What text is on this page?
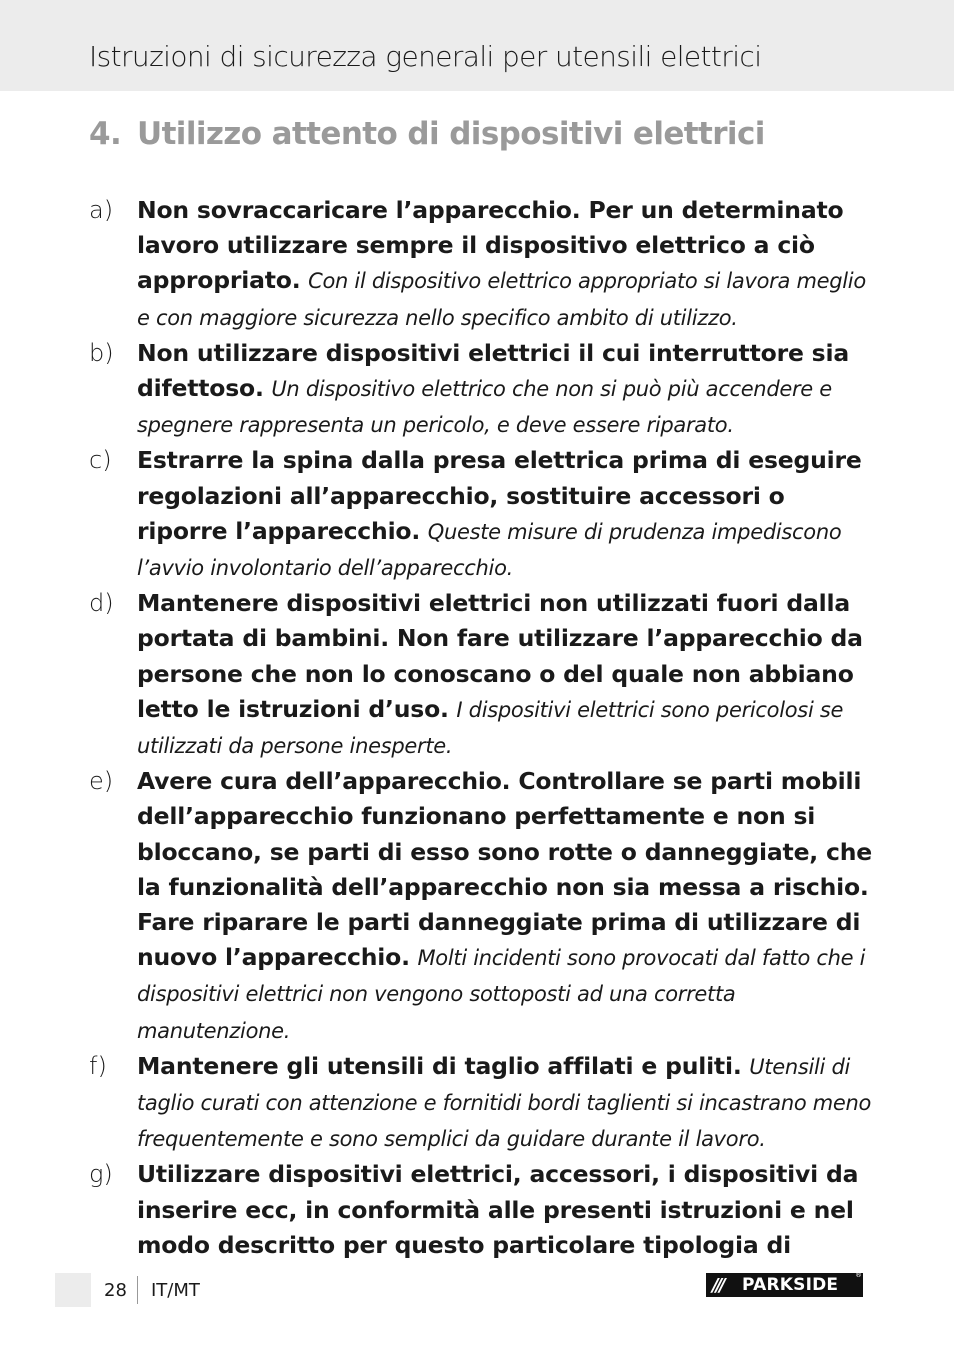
Istruzioni di sicurezza generali per utensili elettrici
4. Utilizzo attento di dispositivi elettrici
a) Non sovraccaricare l’apparecchio. Per un determinato lavoro utilizzare sempre il dispositivo elettrico a ciò appropriato. Con il dispositivo elettrico appropriato si lavora meglio e con maggiore sicurezza nello specifico ambito di utilizzo.
b) Non utilizzare dispositivi elettrici il cui interruttore sia difettoso. Un dispositivo elettrico che non si può più accendere e spegnere rappresenta un pericolo, e deve essere riparato.
c) Estrarre la spina dalla presa elettrica prima di eseguire regolazioni all’apparecchio, sostituire accessori o riporre l’apparecchio. Queste misure di prudenza impediscono l’avvio involontario dell’apparecchio.
d) Mantenere dispositivi elettrici non utilizzati fuori dalla portata di bambini. Non fare utilizzare l’apparecchio da persone che non lo conoscano o del quale non abbiano letto le istruzioni d’uso. I dispositivi elettrici sono pericolosi se utilizzati da persone inesperte.
e) Avere cura dell’apparecchio. Controllare se parti mobili dell’apparecchio funzionano perfettamente e non si bloccano, se parti di esso sono rotte o danneggiate, che la funzionalità dell’apparecchio non sia messa a rischio. Fare riparare le parti danneggiate prima di utilizzare di nuovo l’apparecchio. Molti incidenti sono provocati dal fatto che i dispositivi elettrici non vengono sottoposti ad una corretta manutenzione.
f) Mantenere gli utensili di taglio affilati e puliti. Utensili di taglio curati con attenzione e fornitidi bordi taglienti si incastrano meno frequentemente e sono semplici da guidare durante il lavoro.
g) Utilizzare dispositivi elettrici, accessori, i dispositivi da inserire ecc, in conformità alle presenti istruzioni e nel modo descritto per questo particolare tipologia di
28 IT/MT	///	PARKSIDE ®
